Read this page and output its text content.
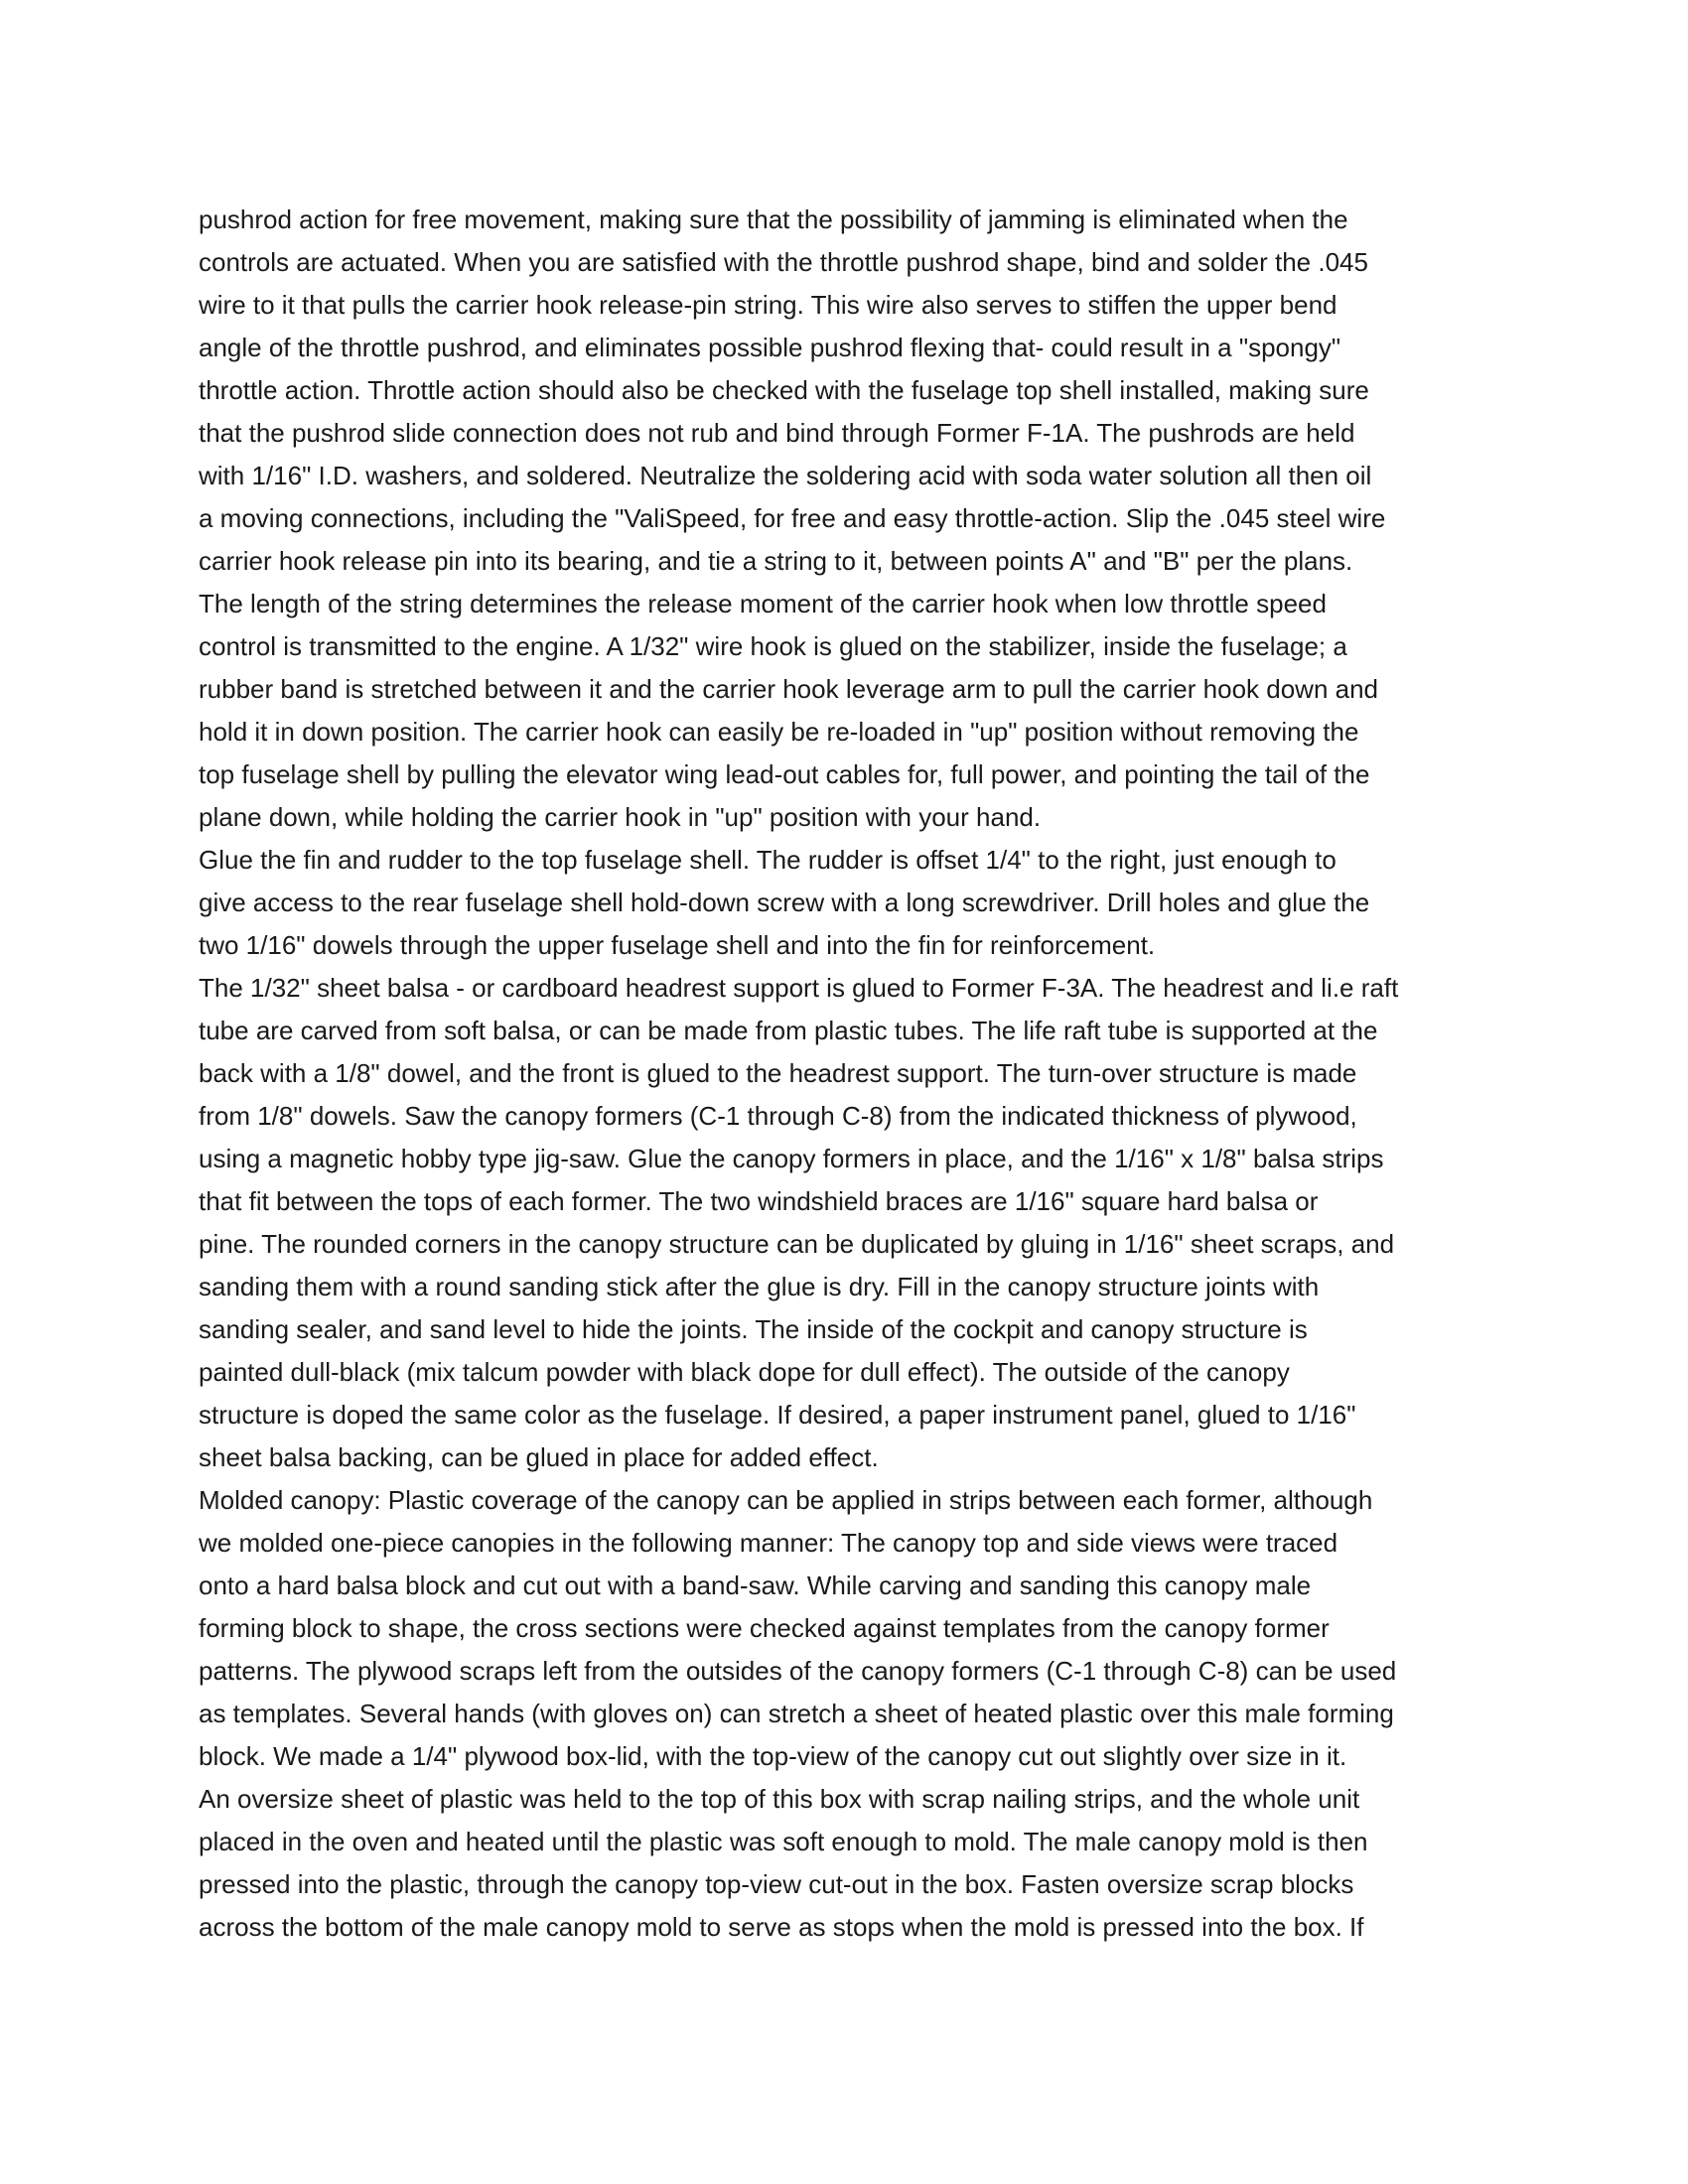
pushrod action for free movement, making sure that the possibility of jamming is eliminated when the
controls are actuated. When you are satisfied with the throttle pushrod shape, bind and solder the .045
wire to it that pulls the carrier hook release-pin string. This wire also serves to stiffen the upper bend
angle of the throttle pushrod, and eliminates possible pushrod flexing that- could result in a "spongy"
throttle action. Throttle action should also be checked with the fuselage top shell installed, making sure
that the pushrod slide connection does not rub and bind through Former F-1A. The pushrods are held
with 1/16" I.D. washers, and soldered. Neutralize the soldering acid with soda water solution all then oil
a moving connections, including the "ValiSpeed, for free and easy throttle-action. Slip the .045 steel wire
carrier hook release pin into its bearing, and tie a string to it, between points A" and "B" per the plans.
The length of the string determines the release moment of the carrier hook when low throttle speed
control is transmitted to the engine. A 1/32" wire hook is glued on the stabilizer, inside the fuselage; a
rubber band is stretched between it and the carrier hook leverage arm to pull the carrier hook down and
hold it in down position. The carrier hook can easily be re-loaded in "up" position without removing the
top fuselage shell by pulling the elevator wing lead-out cables for, full power, and pointing the tail of the
plane down, while holding the carrier hook in "up" position with your hand.
Glue the fin and rudder to the top fuselage shell. The rudder is offset 1/4" to the right, just enough to
give access to the rear fuselage shell hold-down screw with a long screwdriver. Drill holes and glue the
two 1/16" dowels through the upper fuselage shell and into the fin for reinforcement.
The 1/32" sheet balsa - or cardboard headrest support is glued to Former F-3A. The headrest and li.e raft
tube are carved from soft balsa, or can be made from plastic tubes. The life raft tube is supported at the
back with a 1/8" dowel, and the front is glued to the headrest support. The turn-over structure is made
from 1/8" dowels. Saw the canopy formers (C-1 through C-8) from the indicated thickness of plywood,
using a magnetic hobby type jig-saw. Glue the canopy formers in place, and the 1/16" x 1/8" balsa strips
that fit between the tops of each former. The two windshield braces are 1/16" square hard balsa or
pine. The rounded corners in the canopy structure can be duplicated by gluing in 1/16" sheet scraps, and
sanding them with a round sanding stick after the glue is dry. Fill in the canopy structure joints with
sanding sealer, and sand level to hide the joints. The inside of the cockpit and canopy structure is
painted dull-black (mix talcum powder with black dope for dull effect). The outside of the canopy
structure is doped the same color as the fuselage. If desired, a paper instrument panel, glued to 1/16"
sheet balsa backing, can be glued in place for added effect.
Molded canopy: Plastic coverage of the canopy can be applied in strips between each former, although
we molded one-piece canopies in the following manner: The canopy top and side views were traced
onto a hard balsa block and cut out with a band-saw. While carving and sanding this canopy male
forming block to shape, the cross sections were checked against templates from the canopy former
patterns. The plywood scraps left from the outsides of the canopy formers (C-1 through C-8) can be used
as templates. Several hands (with gloves on) can stretch a sheet of heated plastic over this male forming
block. We made a 1/4" plywood box-lid, with the top-view of the canopy cut out slightly over size in it.
An oversize sheet of plastic was held to the top of this box with scrap nailing strips, and the whole unit
placed in the oven and heated until the plastic was soft enough to mold. The male canopy mold is then
pressed into the plastic, through the canopy top-view cut-out in the box. Fasten oversize scrap blocks
across the bottom of the male canopy mold to serve as stops when the mold is pressed into the box. If
